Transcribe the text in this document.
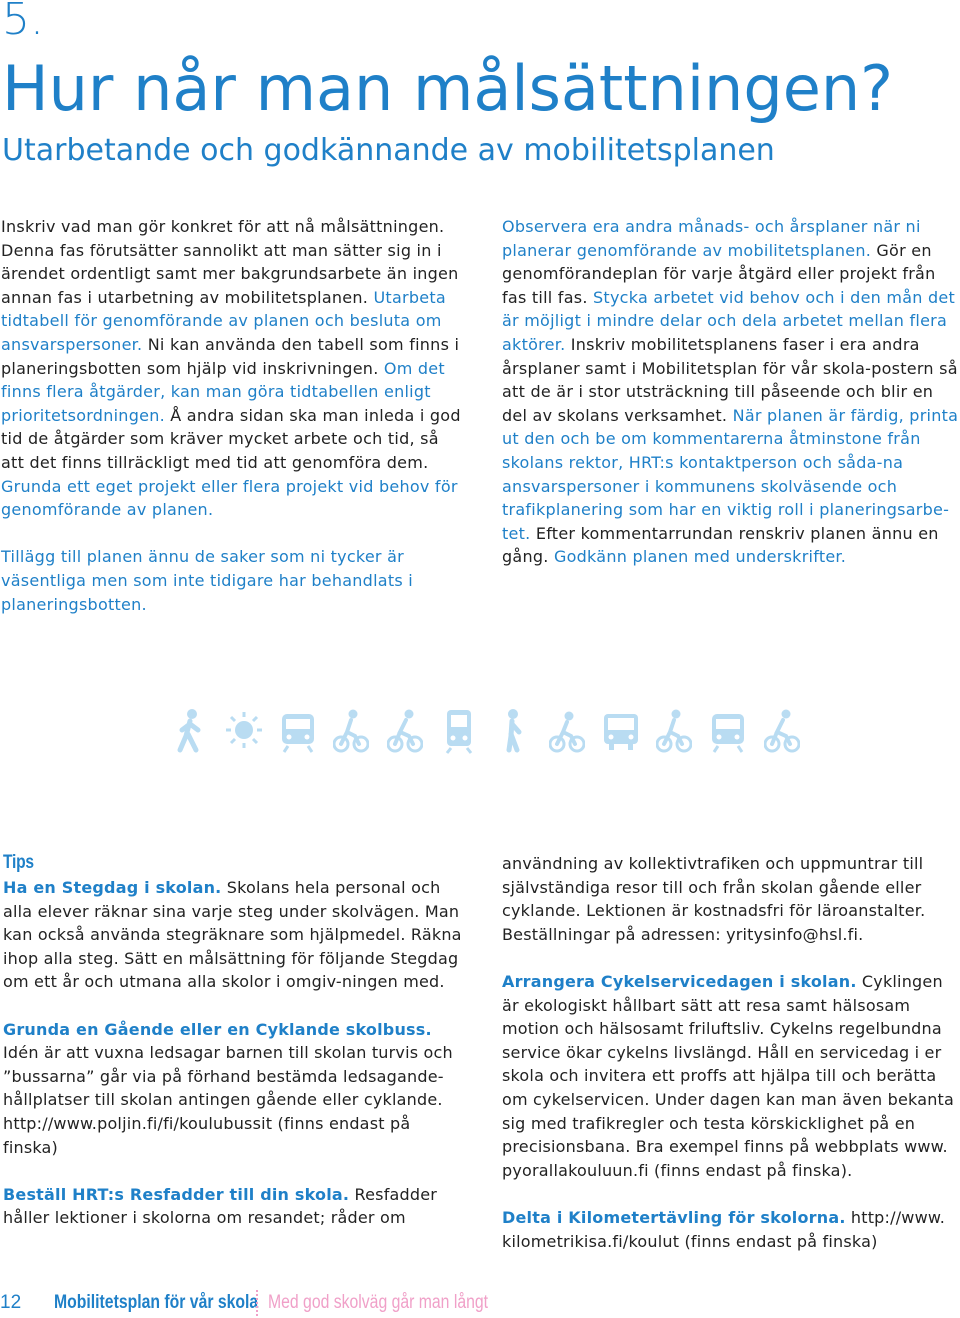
5.
Hur når man målsättningen?
Utarbetande och godkännande av mobilitetsplanen

Inskriv vad man gör konkret för att nå målsättningen. Denna fas förutsätter sannolikt att man sätter sig in i ärendet ordentligt samt mer bakgrundsarbete än ingen annan fas i utarbetning av mobilitetsplanen. Utarbeta tidtabell för genomförande av planen och besluta om ansvarspersoner. Ni kan använda den tabell som finns i planeringsbotten som hjälp vid inskrivningen. Om det finns flera åtgärder, kan man göra tidtabellen enligt prioritetsordningen. Å andra sidan ska man inleda i god tid de åtgärder som kräver mycket arbete och tid, så att det finns tillräckligt med tid att genomföra dem. Grunda ett eget projekt eller flera projekt vid behov för genomförande av planen.

Tillägg till planen ännu de saker som ni tycker är väsentliga men som inte tidigare har behandlats i planeringsbotten.

Observera era andra månads- och årsplaner när ni planerar genomförande av mobilitetsplanen. Gör en genomförandeplan för varje åtgärd eller projekt från fas till fas. Stycka arbetet vid behov och i den mån det är möjligt i mindre delar och dela arbetet mellan flera aktörer. Inskriv mobilitetsplanens faser i era andra årsplaner samt i Mobilitetsplan för vår skola-postern så att de är i stor utsträckning till påseende och blir en del av skolans verksamhet. När planen är färdig, printa ut den och be om kommentarerna åtminstone från skolans rektor, HRT:s kontaktperson och såda-na ansvarspersoner i kommunens skolväsende och trafikplanering som har en viktig roll i planeringsarbe-tet. Efter kommentarrundan renskriv planen ännu en gång. Godkänn planen med underskrifter.

Tips

Ha en Stegdag i skolan. Skolans hela personal och alla elever räknar sina varje steg under skolvägen. Man kan också använda stegräknare som hjälpmedel. Räkna ihop alla steg. Sätt en målsättning för följande Stegdag om ett år och utmana alla skolor i omgiv-ningen med.

Grunda en Gående eller en Cyklande skolbuss. Idén är att vuxna ledsagar barnen till skolan turvis och ”bussarna” går via på förhand bestämda ledsagande-hållplatser till skolan antingen gående eller cyklande. http://www.poljin.fi/fi/koulubussit (finns endast på finska)

Beställ HRT:s Resfadder till din skola. Resfadder håller lektioner i skolorna om resandet; råder om

användning av kollektivtrafiken och uppmuntrar till självständiga resor till och från skolan gående eller cyklande. Lektionen är kostnadsfri för läroanstalter. Beställningar på adressen: yritysinfo@hsl.fi.

Arrangera Cykelservicedagen i skolan. Cyklingen är ekologiskt hållbart sätt att resa samt hälsosam motion och hälsosamt friluftsliv. Cykelns regelbundna service ökar cykelns livslängd. Håll en servicedag i er skola och invitera ett proffs att hjälpa till och berätta om cykelservicen. Under dagen kan man även bekanta sig med trafikregler och testa körskicklighet på en precisionsbana. Bra exempel finns på webbplats www. pyorallakouluun.fi (finns endast på finska).

Delta i Kilometertävling för skolorna. http://www. kilometrikisa.fi/koulut (finns endast på finska)

12	Mobilitetsplan för vår skola Med god skolväg går man långt
